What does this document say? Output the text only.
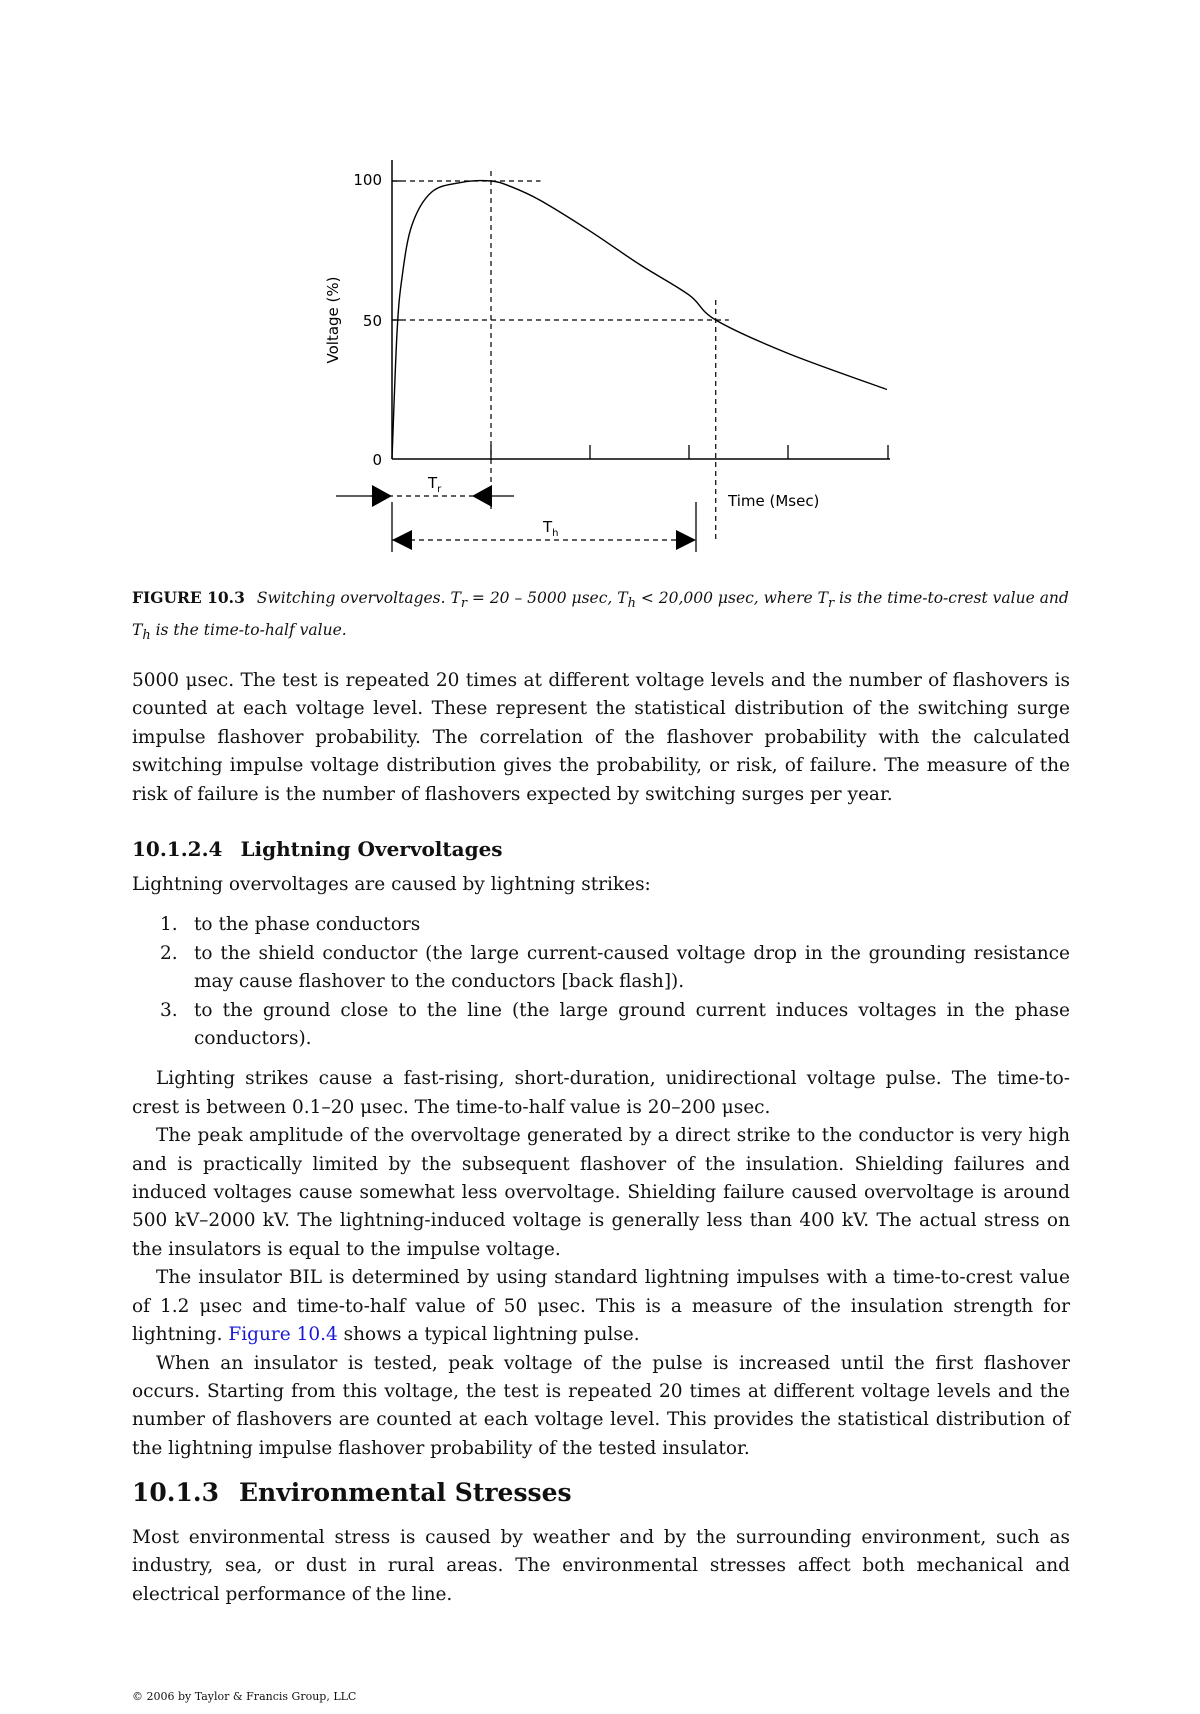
100
50
0
Voltage (%)
Time (Msec)
$T_r$
$T_h$
FIGURE 10.3 Switching overvoltages. $T_r = 20 - 5000$ μsec, $T_h < 20,000$ μsec, where $T_r$ is the time-to-crest value and $T_h$ is the time-to-half value.

5000 μsec. The test is repeated 20 times at different voltage levels and the number of flashovers is counted at each voltage level. These represent the statistical distribution of the switching surge impulse flashover probability. The correlation of the flashover probability with the calculated switching impulse voltage distribution gives the probability, or risk, of failure. The measure of the risk of failure is the number of flashovers expected by switching surges per year.

10.1.2.4 Lightning Overvoltages

Lightning overvoltages are caused by lightning strikes:

1. to the phase conductors
2. to the shield conductor (the large current-caused voltage drop in the grounding resistance may cause flashover to the conductors [back flash]).
3. to the ground close to the line (the large ground current induces voltages in the phase conductors).

Lighting strikes cause a fast-rising, short-duration, unidirectional voltage pulse. The time-to-crest is between 0.1–20 μsec. The time-to-half value is 20–200 μsec.

The peak amplitude of the overvoltage generated by a direct strike to the conductor is very high and is practically limited by the subsequent flashover of the insulation. Shielding failures and induced voltages cause somewhat less overvoltage. Shielding failure caused overvoltage is around 500 kV–2000 kV. The lightning-induced voltage is generally less than 400 kV. The actual stress on the insulators is equal to the impulse voltage.

The insulator BIL is determined by using standard lightning impulses with a time-to-crest value of 1.2 μsec and time-to-half value of 50 μsec. This is a measure of the insulation strength for lightning. Figure 10.4 shows a typical lightning pulse.

When an insulator is tested, peak voltage of the pulse is increased until the first flashover occurs. Starting from this voltage, the test is repeated 20 times at different voltage levels and the number of flashovers are counted at each voltage level. This provides the statistical distribution of the lightning impulse flashover probability of the tested insulator.

10.1.3 Environmental Stresses

Most environmental stress is caused by weather and by the surrounding environment, such as industry, sea, or dust in rural areas. The environmental stresses affect both mechanical and electrical performance of the line.

© 2006 by Taylor & Francis Group, LLC
